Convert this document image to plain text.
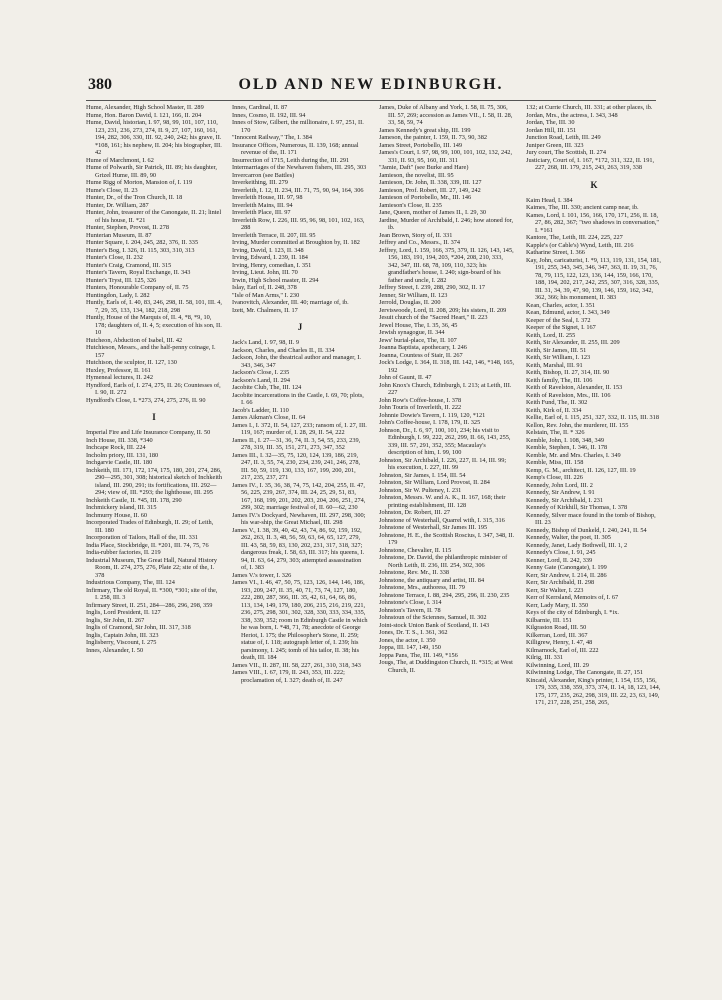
380	OLD AND NEW EDINBURGH.
Hume, Alexander, High School Master, II. 289
Hume, Hon. Baron David, I. 121, 166, II. 204
Hume, David, historian, I. 97, 98, 99, 101, 107, 110, 123, 231, 236, 273, 274, II. 9, 27, 107, 160, 161, 194, 282, 306, 330, III. 92, 240, 242; his grave, II. *108, 161; his nephew, II. 204; his biographer, III. 42
Hume of Marchmont, I. 62
Hume of Polwarth, Sir Patrick, III. 89; his daughter, Grizel Hume, III. 89, 90
Hume Rigg of Morton, Mansion of, I. 119
Hume's Close, II. 23
Hunter, Dr., of the Tron Church, II. 18
Hunter, Dr. William, 287
Hunter, John, treasurer of the Canongate, II. 21; lintel of his house, II. *21
Hunter, Stephen, Provost, II. 278
Hunterian Museum, II. 87
Hunter Square, I. 204, 245, 282, 376, II. 335
Hunter's Bog, I. 326, II. 115, 303, 310, 313
Hunter's Close, II. 232
Hunter's Craig, Cramond, III. 315
Hunter's Tavern, Royal Exchange, II. 343
Hunter's Tryst, III. 125, 326
Hunters, Honourable Company of, II. 75
Huntingdon, Lady, I. 282
Huntly, Earls of, I. 40, 83, 246, 298, II. 58, 101, III. 4, 7, 29, 35, 133, 134, 182, 218, 298
Huntly, House of the Marquis of, II. 4, *8, *9, 10, 178; daughters of, II. 4, 5; execution of his son, II. 10
Hutcheon, Abduction of Isabel, III. 42
Hutchieson, Messrs., and the half-penny coinage, I. 157
Hutchison, the sculptor, II. 127, 130
Huxley, Professor, II. 161
Hymeneal lectures, II. 242
Hyndford, Earls of, I. 274, 275, II. 26; Countesses of, I. 90, II. 272
Hyndford's Close, L *273, 274, 275, 276, II. 90
I
Imperial Fire and Life Insurance Company, II. 50
Inch House, III. 338, *340
Inchcape Rock, III. 224
Incholm priory, III. 131, 180
Inchgarvie Castle, III. 180
Inchkeith, III. 171, 172, 174, 175, 180, 201, 274, 286, 290—295, 301, 308; historical sketch of Inchkeith island, III. 290, 291; its fortifications, III. 292—294; view of, III. *293; the lighthouse, III. 295
Inchkeith Castle, II. *45, III. 178, 290
Inchmickery island, III. 315
Inchmurry House, II. 60
Incorporated Trades of Edinburgh, II. 29; of Leith, III. 180
Incorporation of Tailors, Hall of the, III. 331
India Place, Stockbridge, II. *201, III. 74, 75, 76
India-rubber factories, II. 219
Industrial Museum, The Great Hall, Natural History Room, II. 274, 275, 276, Plate 22; site of the, I. 378
Industrious Company, The, III. 124
Infirmary, The old Royal, II. *300, *301; site of the, I. 258, III. 3
Infirmary Street, II. 251, 284—286, 296, 298, 359
Inglis, Lord President, II. 127
Inglis, Sir John, II. 267
Inglis of Cramond, Sir John, III. 317, 318
Inglis, Captain John, III. 323
Inglisberry, Viscount, I. 275
Innes, Alexander, I. 50
Innes, Cardinal, II. 87
Innes, Cosmo, II. 192, III. 94
Innes of Stow, Gilbert, the millionaire, I. 97, 251, II. 170
"Innocent Railway," The, I. 384
Insurance Offices, Numerous, II. 139, 168; annual revenue of the, II. 171
Insurrection of 1715, Leith during the, III. 291
Intermarriages of the Newhaven fishers, III. 295, 303
Invercarron (see Battles)
Inverkeithing, III. 279
Inverleith, I. 12, II. 234, III. 71, 75, 90, 94, 164, 306
Inverleith House, III. 97, 98
Inverleith Mains, III. 94
Inverleith Place, III. 97
Inverleith Row, I. 226, III. 95, 96, 98, 101, 102, 163, 288
Inverleith Terrace, II. 207, III. 95
Irving, Murder committed at Broughton by, II. 182
Irving, David, I. 123, II. 348
Irving, Edward, I. 239, II. 184
Irving, Henry, comedian, I. 351
Irving, Lieut. John, III. 70
Irwin, High School master, II. 294
Islay, Earl of, II. 248, 378
"Isle of Man Arms," I. 230
Ivanovitch, Alexander, III. 40; marriage of, ib.
Izett, Mr. Chalmers, II. 17
J
Jack's Land, I. 97, 98, II. 9
Jackson, Charles, and Charles II., II. 334
Jackson, John, the theatrical author and manager, I. 343, 346, 347
Jackson's Close, I. 235
Jackson's Land, II. 294
Jacobite Club, The, III. 124
Jacobite incarcerations in the Castle, I. 69, 70; plots, I. 66
Jacob's Ladder, II. 110
James Aikman's Close, II. 64
James I., I. 372, II. 54, 127, 233; ransom of, I. 27, III. 119, 167; murder of, I. 28, 29, II. 54, 222
James II., I. 27—31, 36, 74, II. 3, 54, 55, 233, 239, 278, 319, III. 35, 151, 271, 273, 347, 352
James III., I. 32—35, 75, 120, 124, 139, 186, 219, 247, II. 3, 55, 74, 230, 234, 239, 241, 246, 278, III. 50, 59, 119, 130, 133, 167, 199, 200, 201, 217, 235, 237, 271
James IV., I. 35, 36, 38, 74, 75, 142, 204, 255, II. 47, 56, 225, 239, 267, 374, III. 24, 25, 29, 51, 83, 167, 168, 199, 201, 202, 203, 204, 206, 251, 274, 299, 302; marriage festival of, II. 60—62, 230
James IV.'s Dockyard, Newhaven, III. 297, 298, 300; his war-ship, the Great Michael, III. 298
James V., I. 38, 39, 40, 42, 43, 74, 86, 92, 159, 192, 262, 263, II. 3, 48, 56, 59, 63, 64, 65, 127, 279, III. 43, 58, 59, 83, 130, 202, 231, 317, 318, 327; dangerous freak, I. 58, 63, III. 317; his queens, I. 94, II. 63, 64, 279, 303; attempted assassination of, I. 383
James V.'s tower, I. 326
James VI., I. 46, 47, 50, 75, 123, 126, 144, 146, 186, 193, 209, 247, II. 35, 40, 71, 73, 74, 127, 180, 222, 280, 287, 366, III. 35, 42, 61, 64, 66, 86, 113, 134, 149, 179, 180, 206, 215, 216, 219, 221, 236, 275, 298, 301, 302, 328, 330, 333, 334, 335, 338, 339, 352; room in Edinburgh Castle in which he was born, I. *48, 71, 78; anecdote of George Heriot, I. 175; the Philosopher's Stone, II. 259; statue of, I. 118; autograph letter of, I. 239; his parsimony, I. 245; tomb of his tailor, II. 38; his death, III. 184
James VII., II. 287, III. 58, 227, 261, 310, 318, 343
James VIII., I. 67, 179, II. 243, 353, III. 222; proclamation of, I. 327; death of, II. 247
James, Duke of Albany and York, I. 58, II. 75, 306, III. 57, 269; accession as James VII., I. 58, II. 28, 33, 58, 59, 74
James Kennedy's great ship, III. 199
Jameson, the painter, I. 159, II. 73, 90, 382
James Street, Portobello, III. 149
James's Court, I. 97, 98, 99, 100, 101, 102, 132, 242, 331, II. 93, 95, 160, III. 311
"Jamie, Daft" (see Burke and Hare)
Jamieson, the novelist, III. 95
Jamieson, Dr. John, II. 338, 339, III. 127
Jamieson, Prof. Robert, III. 27, 149, 242
Jamieson of Portobello, Mr., III. 146
Jamieson's Close, II. 235
Jane, Queen, mother of James II., I. 29, 30
Jardine, Murder of Archibald, I. 246; how atoned for, ib.
Jean Brown, Story of, II. 331
Jeffrey and Co., Messrs., II. 374
Jeffrey, Lord, I. 159, 166, 375, 379, II. 126, 143, 145, 156, 183, 191, 194, 203, *204, 208, 210, 333, 342, 347, III. 68, 78, 109, 110, 323; his grandfather's house, I. 240; sign-board of his father and uncle, I. 282
Jeffrey Street, I. 239, 288, 290, 302, II. 17
Jenner, Sir William, II. 123
Jerrold, Douglas, II. 200
Jerviswoode, Lord, II. 208, 209; his sisters, II. 209
Jesuit church of the "Sacred Heart," II. 223
Jewel House, The, I. 35, 36, 45
Jewish synagogue, II. 344
Jews' burial-place, The, II. 107
Joanna Baptista, apothecary, I. 246
Joanna, Countess of Stair, II. 267
Jock's Lodge, I. 364, II. 318, III. 142, 146, *148, 165, 192
John of Gaunt, II. 47
John Knox's Church, Edinburgh, I. 213; at Leith, III. 227
John Row's Coffee-house, I. 378
John Touris of Inverleith, II. 222
Johnnie Dowie's Tavern, I. 119, 120, *121
John's Coffee-house, I. 178, 179, II. 325
Johnson, Dr., I. 6, 97, 100, 101, 234; his visit to Edinburgh, I. 99, 222, 262, 299, II. 66, 143, 255, 339, III. 57, 291, 352, 355; Macaulay's description of him, I. 99, 100
Johnston, Sir Archibald, I. 226, 227, II. 14, III. 99; his execution, I. 227, III. 99
Johnston, Sir James, I. 154, III. 54
Johnston, Sir William, Lord Provost, II. 284
Johnston, Sir W. Pulteney, I. 231
Johnston, Messrs. W. and A. K., II. 167, 168; their printing establishment, III. 128
Johnston, Dr. Robert, III. 27
Johnstone of Westerhall, Quarrel with, I. 315, 316
Johnstone of Westerhall, Sir James III. 195
Johnstone, H. E., the Scottish Roscius, I. 347, 348, II. 179
Johnstone, Chevalier, II. 115
Johnstone, Dr. David, the philanthropic minister of North Leith, II. 236, III. 254, 302, 306
Johnstone, Rev. Mr., II. 338
Johnstone, the antiquary and artist, III. 84
Johnstone, Mrs., authoress, III. 79
Johnstone Terrace, I. 88, 294, 295, 296, II. 230, 235
Johnstone's Close, I. 314
Johnston's Tavern, II. 78
Johnstoun of the Sciennes, Samuel, II. 302
Joint-stock Union Bank of Scotland, II. 143
Jones, Dr. T. S., I. 361, 362
Jones, the actor, I. 350
Joppa, III. 147, 149, 150
Joppa Pans, The, III. 149, *156
Jougs, The, at Duddingston Church, II. *315; at West Church, II.
132; at Currie Church, III. 331; at other places, ib.
Jordan, Mrs., the actress, I. 343, 348
Jordan, The, III. 30
Jordan Hill, III. 151
Junction Road, Leith, III. 249
Juniper Green, III. 323
Jury court, The Scottish, II. 274
Justiciary, Court of, I. 167, *172, 311, 322, II. 191, 227, 268, III. 179, 215, 243, 263, 319, 338
K
Kaim Head, I. 384
Kaimes, The, III. 330; ancient camp near, ib.
Kames, Lord, I. 101, 156, 166, 170, 171, 256, II. 18, 27, 86, 282, 367; "two shadows in conversation," I. *161
Kantore, The, Leith, III. 224, 225, 227
Kapple's (or Cable's) Wynd, Leith, III. 216
Katharine Street, I. 366
Kay, John, caricaturist, I. *9, 113, 119, 131, 154, 181, 191, 255, 343, 345, 346, 347, 363, II. 19, 31, 76, 78, 79, 115, 122, 123, 136, 144, 159, 166, 170, 188, 194, 202, 217, 242, 255, 307, 316, 328, 335, III. 31, 34, 39, 47, 90, 139, 146, 159, 162, 342, 362, 366; his monument, II. 383
Kean, Charles, actor, I. 351
Kean, Edmund, actor, I. 343, 349
Keeper of the Seal, I. 372
Keeper of the Signet, I. 167
Keith, Lord, II. 255
Keith, Sir Alexander, II. 255, III. 209
Keith, Sir James, III. 51
Keith, Sir William, I. 123
Keith, Marshal, III. 91
Keith, Bishop, II. 27, 314, III. 90
Keith family, The, III. 106
Keith of Ravelston, Alexander, II. 153
Keith of Ravelston, Mrs., III. 106
Keith Fund, The, II. 302
Keith, Kirk of, II. 334
Kellie, Earl of, I. 115, 251, 327, 332, II. 115, III. 318
Kellon, Rev. John, the murderer, III. 155
Kelstain, The, II. * 326
Kemble, John, I. 108, 348, 349
Kemble, Stephen, I. 346, II. 178
Kemble, Mr. and Mrs. Charles, I. 349
Kemble, Miss, III. 158
Kemp, G. M., architect, II. 126, 127, III. 19
Kemp's Close, III. 226
Kennedy, John Lord, III. 2
Kennedy, Sir Andrew, I. 91
Kennedy, Sir Archibald, I. 231
Kennedy of Kirkhill, Sir Thomas, I. 378
Kennedy, Silver mace found in the tomb of Bishop, III. 23
Kennedy, Bishop of Dunkeld, I. 240, 241, II. 54
Kennedy, Walter, the poet, II. 305
Kennedy, Janet, Lady Bothwell, III. 1, 2
Kennedy's Close, I. 91, 245
Kenner, Lord, II. 242, 339
Kenny Gate (Canongate), I. 199
Kerr, Sir Andrew, I. 214, II. 286
Kerr, Sir Archibald, II. 298
Kerr, Sir Walter, I. 223
Kerr of Kerrsland, Memoirs of, I. 67
Kerr, Lady Mary, II. 350
Keys of the city of Edinburgh, I. *ix.
Kilbarnie, III. 151
Kilgraston Road, III. 50
Kilkerran, Lord, III. 367
Killigrew, Henry, I. 47, 48
Kilmarnock, Earl of, III. 222
Kilrig, III. 331
Kilwinning, Lord, III. 29
Kilwinning Lodge, The Canongate, II. 27, 151
Kincaid, Alexander, King's printer, I. 154, 155, 156, 179, 335, 338, 359, 373, 374, II. 14, 18, 123, 144, 175, 177, 235, 262, 298, 319, III. 22, 23, 63, 149, 171, 217, 228, 251, 258, 265,
